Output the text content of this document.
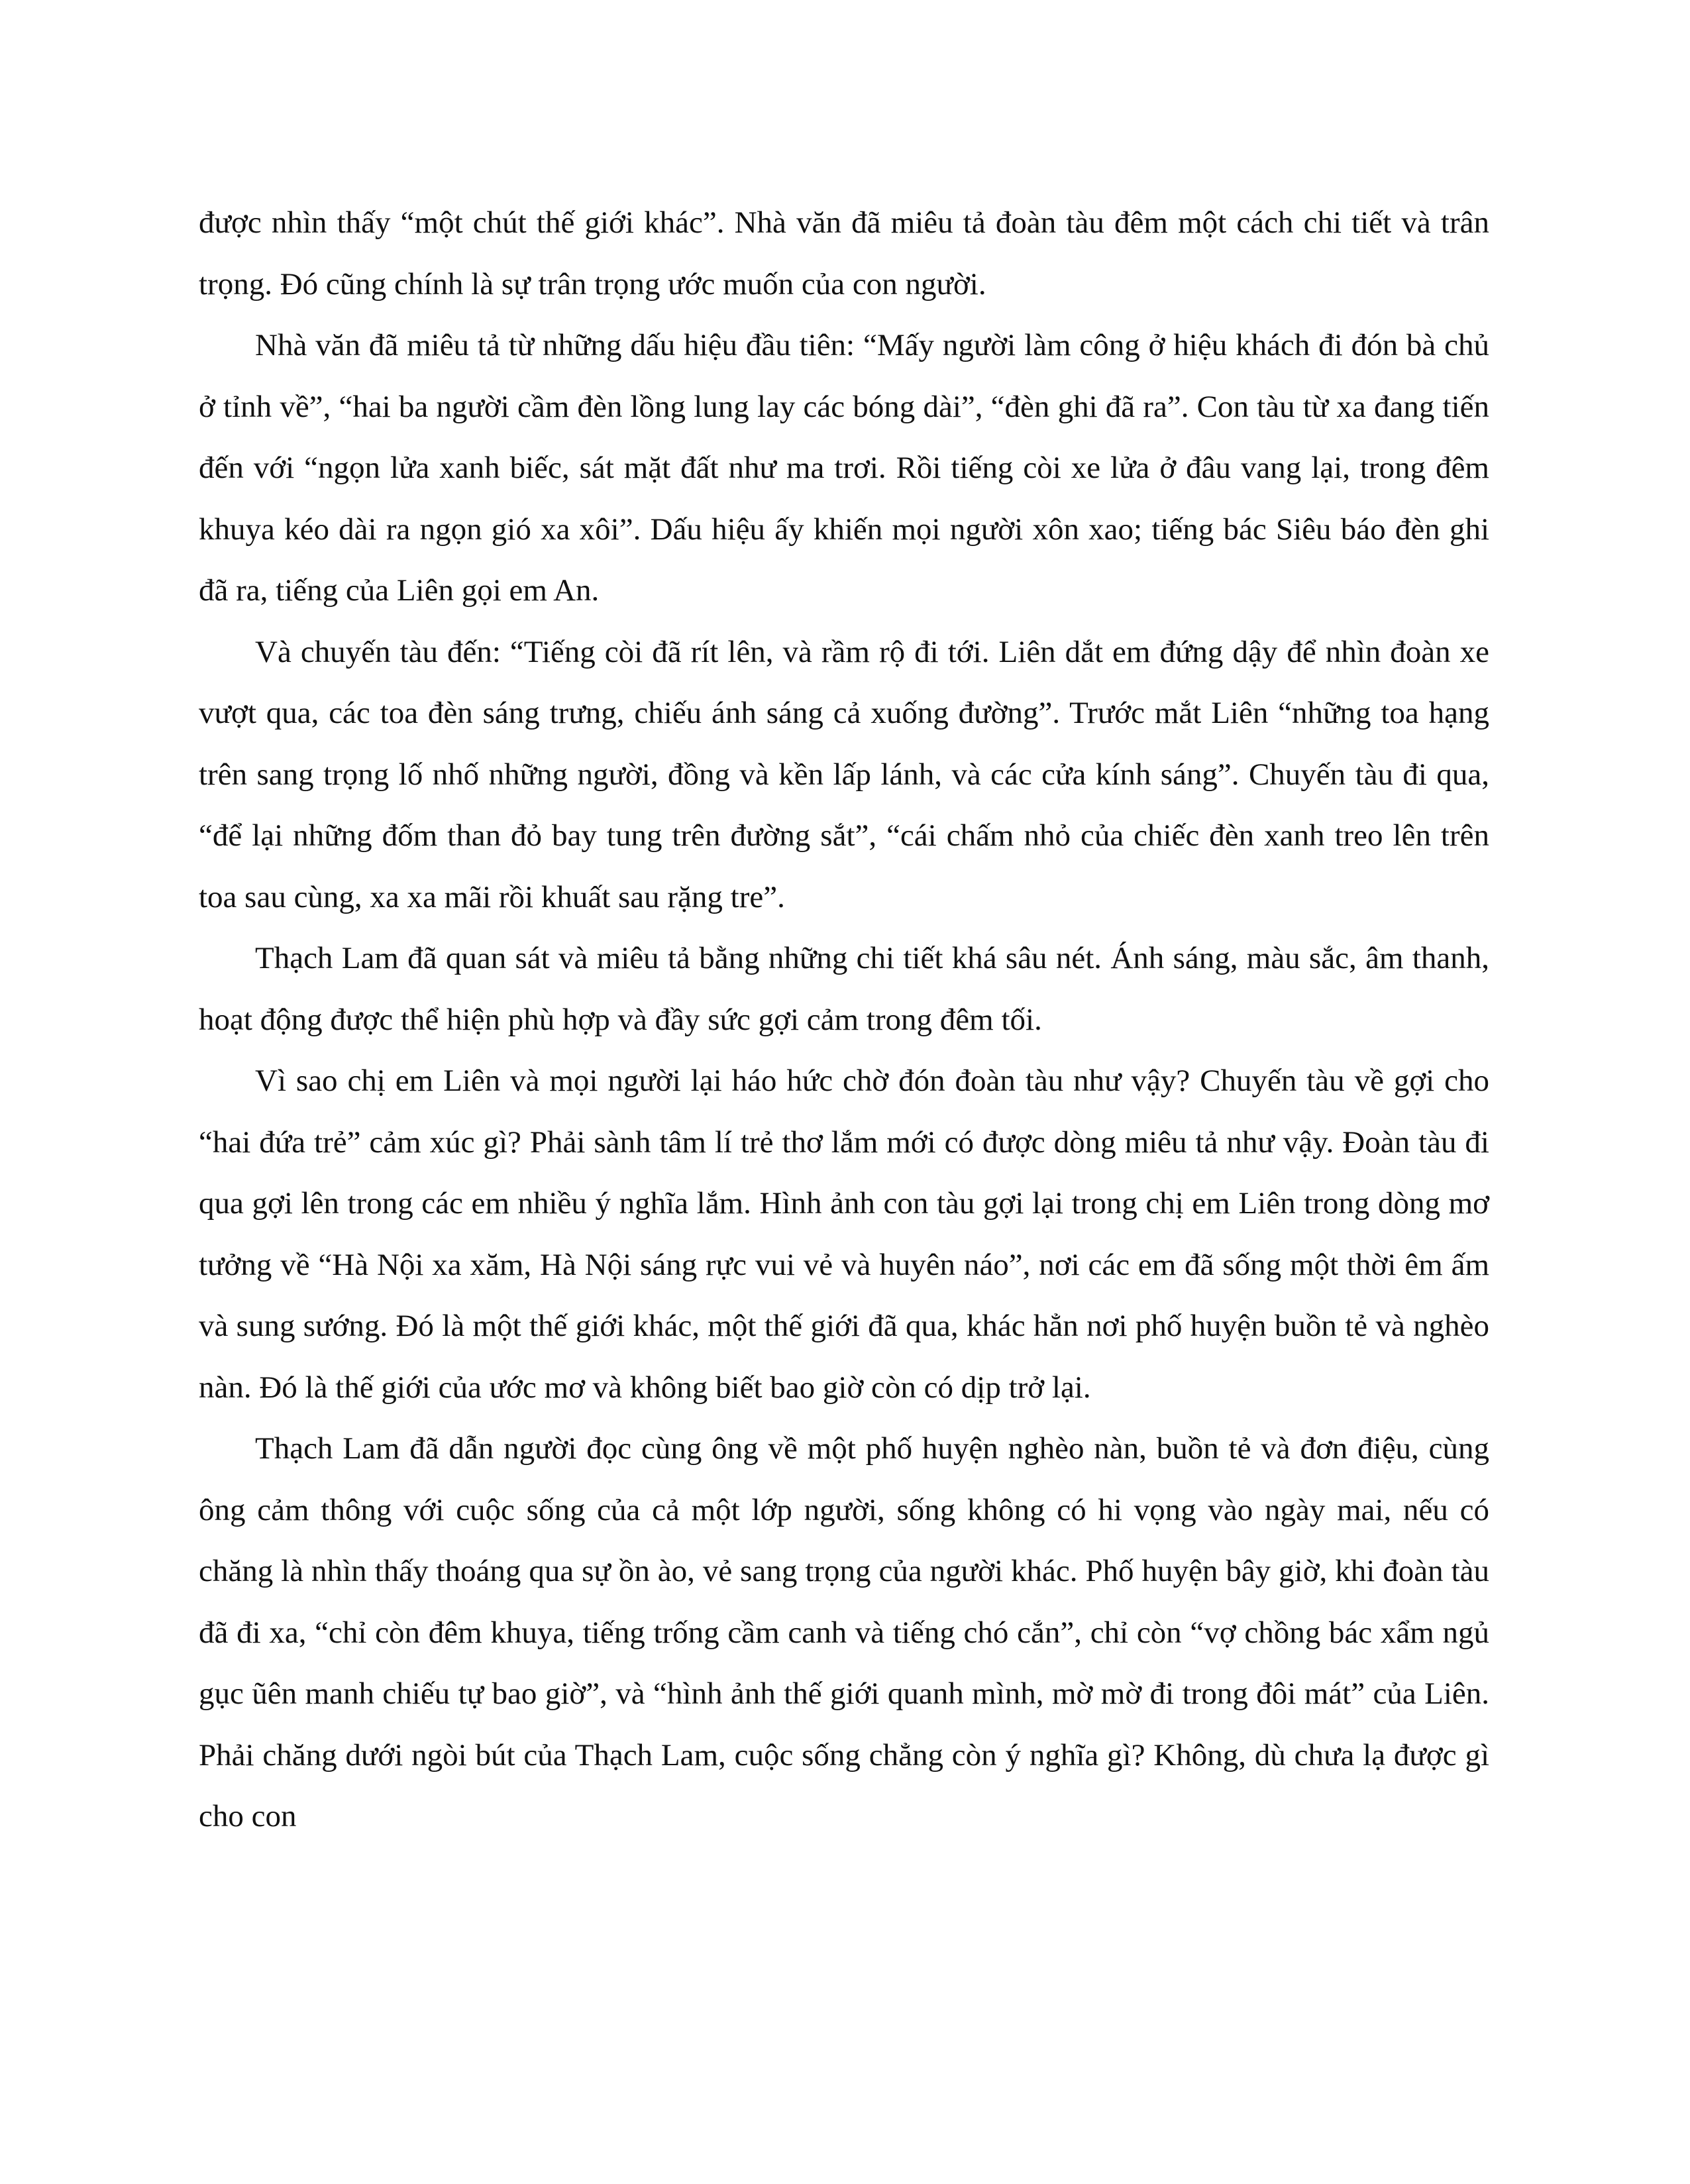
được nhìn thấy “một chút thế giới khác”. Nhà văn đã miêu tả đoàn tàu đêm một cách chi tiết và trân trọng. Đó cũng chính là sự trân trọng ước muốn của con người.

Nhà văn đã miêu tả từ những dấu hiệu đầu tiên: “Mấy người làm công ở hiệu khách đi đón bà chủ ở tỉnh về”, “hai ba người cầm đèn lồng lung lay các bóng dài”, “đèn ghi đã ra”. Con tàu từ xa đang tiến đến với “ngọn lửa xanh biếc, sát mặt đất như ma trơi. Rồi tiếng còi xe lửa ở đâu vang lại, trong đêm khuya kéo dài ra ngọn gió xa xôi”. Dấu hiệu ấy khiến mọi người xôn xao; tiếng bác Siêu báo đèn ghi đã ra, tiếng của Liên gọi em An.

Và chuyến tàu đến: “Tiếng còi đã rít lên, và rầm rộ đi tới. Liên dắt em đứng dậy để nhìn đoàn xe vượt qua, các toa đèn sáng trưng, chiếu ánh sáng cả xuống đường”. Trước mắt Liên “những toa hạng trên sang trọng lố nhố những người, đồng và kền lấp lánh, và các cửa kính sáng”. Chuyến tàu đi qua, “để lại những đốm than đỏ bay tung trên đường sắt”, “cái chấm nhỏ của chiếc đèn xanh treo lên trên toa sau cùng, xa xa mãi rồi khuất sau rặng tre”.

Thạch Lam đã quan sát và miêu tả bằng những chi tiết khá sâu nét. Ánh sáng, màu sắc, âm thanh, hoạt động được thể hiện phù hợp và đầy sức gợi cảm trong đêm tối.

Vì sao chị em Liên và mọi người lại háo hức chờ đón đoàn tàu như vậy? Chuyến tàu về gợi cho “hai đứa trẻ” cảm xúc gì? Phải sành tâm lí trẻ thơ lắm mới có được dòng miêu tả như vậy. Đoàn tàu đi qua gợi lên trong các em nhiều ý nghĩa lắm. Hình ảnh con tàu gợi lại trong chị em Liên trong dòng mơ tưởng về “Hà Nội xa xăm, Hà Nội sáng rực vui vẻ và huyên náo”, nơi các em đã sống một thời êm ấm và sung sướng. Đó là một thế giới khác, một thế giới đã qua, khác hẳn nơi phố huyện buồn tẻ và nghèo nàn. Đó là thế giới của ước mơ và không biết bao giờ còn có dịp trở lại.

Thạch Lam đã dẫn người đọc cùng ông về một phố huyện nghèo nàn, buồn tẻ và đơn điệu, cùng ông cảm thông với cuộc sống của cả một lớp người, sống không có hi vọng vào ngày mai, nếu có chăng là nhìn thấy thoáng qua sự ồn ào, vẻ sang trọng của người khác. Phố huyện bây giờ, khi đoàn tàu đã đi xa, “chỉ còn đêm khuya, tiếng trống cầm canh và tiếng chó cắn”, chỉ còn “vợ chồng bác xẩm ngủ gục ũên manh chiếu tự bao giờ”, và “hình ảnh thế giới quanh mình, mờ mờ đi trong đôi mát” của Liên. Phải chăng dưới ngòi bút của Thạch Lam, cuộc sống chẳng còn ý nghĩa gì? Không, dù chưa lạ được gì cho con
